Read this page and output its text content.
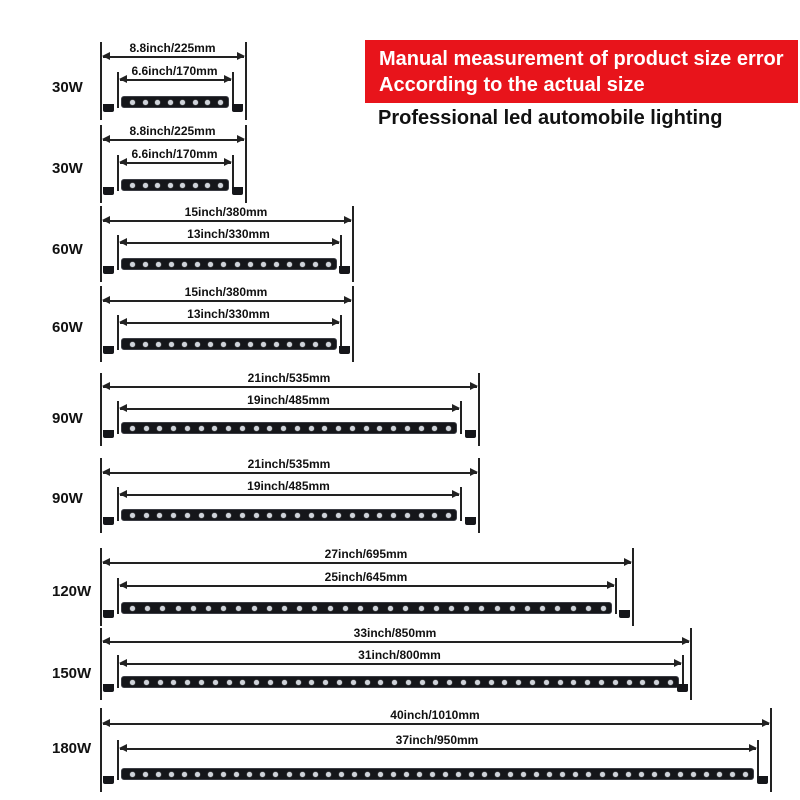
Manual measurement of product size error
According to the actual size
Professional led automobile lighting
30W
8.8inch/225mm
6.6inch/170mm
30W
8.8inch/225mm
6.6inch/170mm
60W
15inch/380mm
13inch/330mm
60W
15inch/380mm
13inch/330mm
90W
21inch/535mm
19inch/485mm
90W
21inch/535mm
19inch/485mm
120W
27inch/695mm
25inch/645mm
150W
33inch/850mm
31inch/800mm
180W
40inch/1010mm
37inch/950mm
